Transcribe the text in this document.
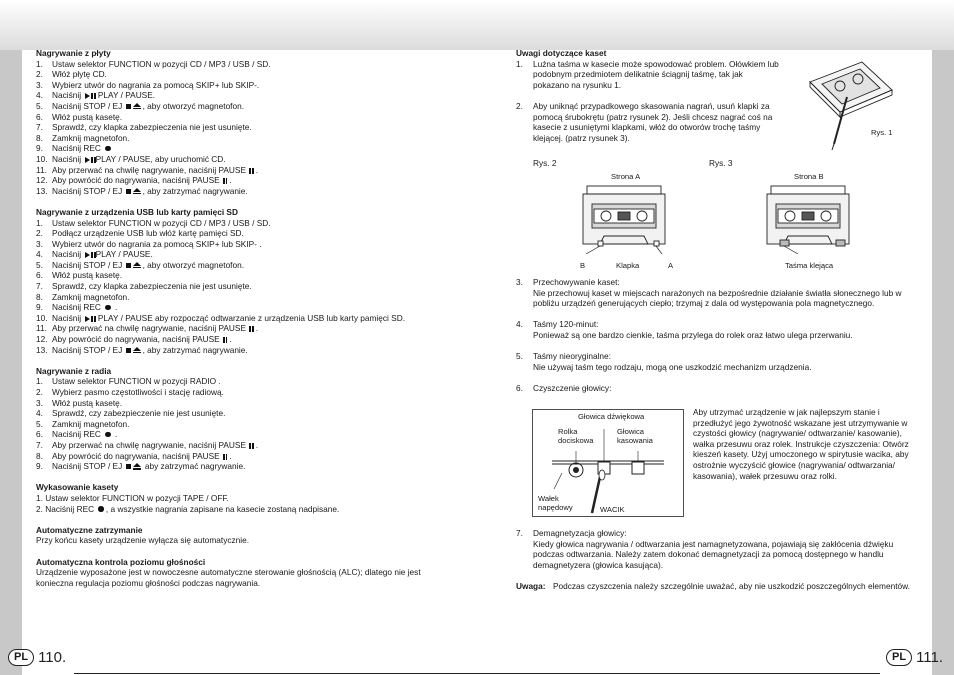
PL 110.	PL 111.

Nagrywanie z płyty

1.	Ustaw selektor FUNCTION w pozycji CD / MP3 / USB / SD.
2.	Włóż płytę CD.
3.	Wybierz utwór do nagrania za pomocą SKIP+ lub SKIP-.
4.	Naciśnij PLAY / PAUSE.
5.	Naciśnij STOP / EJ , aby otworzyć magnetofon.
6.	Włóż pustą kasetę.
7.	Sprawdź, czy klapka zabezpieczenia nie jest usunięte.
8.	Zamknij magnetofon.
9.	Naciśnij REC
10. Naciśnij PLAY / PAUSE, aby uruchomić CD.
11. Aby przerwać na chwilę nagrywanie, naciśnij PAUSE  .
12. Aby powrócić do nagrywania, naciśnij PAUSE  .
13. Naciśnij STOP / EJ , aby zatrzymać nagrywanie.

Nagrywanie z urządzenia USB lub karty pamięci SD

1.	Ustaw selektor FUNCTION w pozycji CD / MP3 / USB / SD.
2.	Podłącz urządzenie USB lub włóż kartę pamięci SD.
3.	Wybierz utwór do nagrania za pomocą SKIP+ lub SKIP- .
4.	Naciśnij PLAY / PAUSE.
5.	Naciśnij STOP / EJ , aby otworzyć magnetofon.
6.	Włóż pustą kasetę.
7.	Sprawdź, czy klapka zabezpieczenia nie jest usunięte.
8.	Zamknij magnetofon.
9.	Naciśnij REC  .
10. Naciśnij PLAY / PAUSE aby rozpocząć odtwarzanie z urządzenia USB lub karty pamięci SD.
11. Aby przerwać na chwilę nagrywanie, naciśnij PAUSE  .
12. Aby powrócić do nagrywania, naciśnij PAUSE  .
13. Naciśnij STOP / EJ , aby zatrzymać nagrywanie.

Nagrywanie z radia

1.	Ustaw selektor FUNCTION w pozycji RADIO .
2.	Wybierz pasmo częstotliwości i stację radiową.
3.	Włóż pustą kasetę.
4.	Sprawdź, czy zabezpieczenie nie jest usunięte.
5.	Zamknij magnetofon.
6.	Naciśnij REC  .
7.	Aby przerwać na chwilę nagrywanie, naciśnij PAUSE  .
8.	Aby powrócić do nagrywania, naciśnij PAUSE  .
9.	Naciśnij STOP / EJ	aby zatrzymać nagrywanie.

Wykasowanie kasety

1. Ustaw selektor FUNCTION w pozycji TAPE / OFF.
2. Naciśnij REC , a wszystkie nagrania zapisane na kasecie zostaną nadpisane.

Automatyczne zatrzymanie

Przy końcu kasety urządzenie wyłącza się automatycznie.

Automatyczna kontrola poziomu głośności

Urządzenie wyposażone jest w nowoczesne automatyczne sterowanie głośnością (ALC); dlatego nie jest konieczna regulacja poziomu głośności podczas nagrywania.

Uwagi dotyczące kaset

1.	Luźna taśma w kasecie może spowodować problem. Ołówkiem lub podobnym przedmiotem delikatnie ściągnij taśmę, tak jak pokazano na rysunku 1.
2.	Aby uniknąć przypadkowego skasowania nagrań, usuń klapki za pomocą śrubokrętu (patrz rysunek 2). Jeśli chcesz nagrać coś na kasecie z usuniętymi klapkami, włóż do otworów trochę taśmy klejącej. (patrz rysunek 3).
Rys. 1
Rys. 2	Rys. 3
Strona A	Strona B
B	Klapka	A	Taśma klejąca
3.	Przechowywanie kaset:
Nie przechowuj kaset w miejscach narażonych na bezpośrednie działanie światła słonecznego lub w pobliżu urządzeń generujących ciepło; trzymaj z dala od występowania pola magnetycznego.
4.	Taśmy 120-minut:
Ponieważ są one bardzo cienkie, taśma przylega do rolek oraz łatwo ulega przerwaniu.
5.	Taśmy nieoryginalne:
Nie używaj taśm tego rodzaju, mogą one uszkodzić mechanizm urządzenia.
6.	Czyszczenie głowicy:
Głowica dźwiękowa
Rolka
dociskowa
Głowica
kasowania
Wałek
napędowy	WACIK
Aby utrzymać urządzenie w jak najlepszym stanie i przedłużyć jego żywotność wskazane jest utrzymywanie w czystości głowicy (nagrywanie/ odtwarzanie/ kasowanie), wałka przesuwu oraz rolek. Instrukcje czyszczenia: Otwórz kieszeń kasety. Użyj umoczonego w spirytusie wacika, aby ostrożnie wyczyścić głowice (nagrywania/ odtwarzania/ kasowania), wałek przesuwu oraz rolki.
7.	Demagnetyzacja głowicy:
Kiedy głowica nagrywania / odtwarzania jest namagnetyzowana, pojawiają się zakłócenia dźwięku podczas odtwarzania. Należy zatem dokonać demagnetyzacji za pomocą dostępnego w handlu demagnetyzera (głowica kasująca).
Uwaga: Podczas czyszczenia należy szczególnie uważać, aby nie uszkodzić poszczególnych elementów.
